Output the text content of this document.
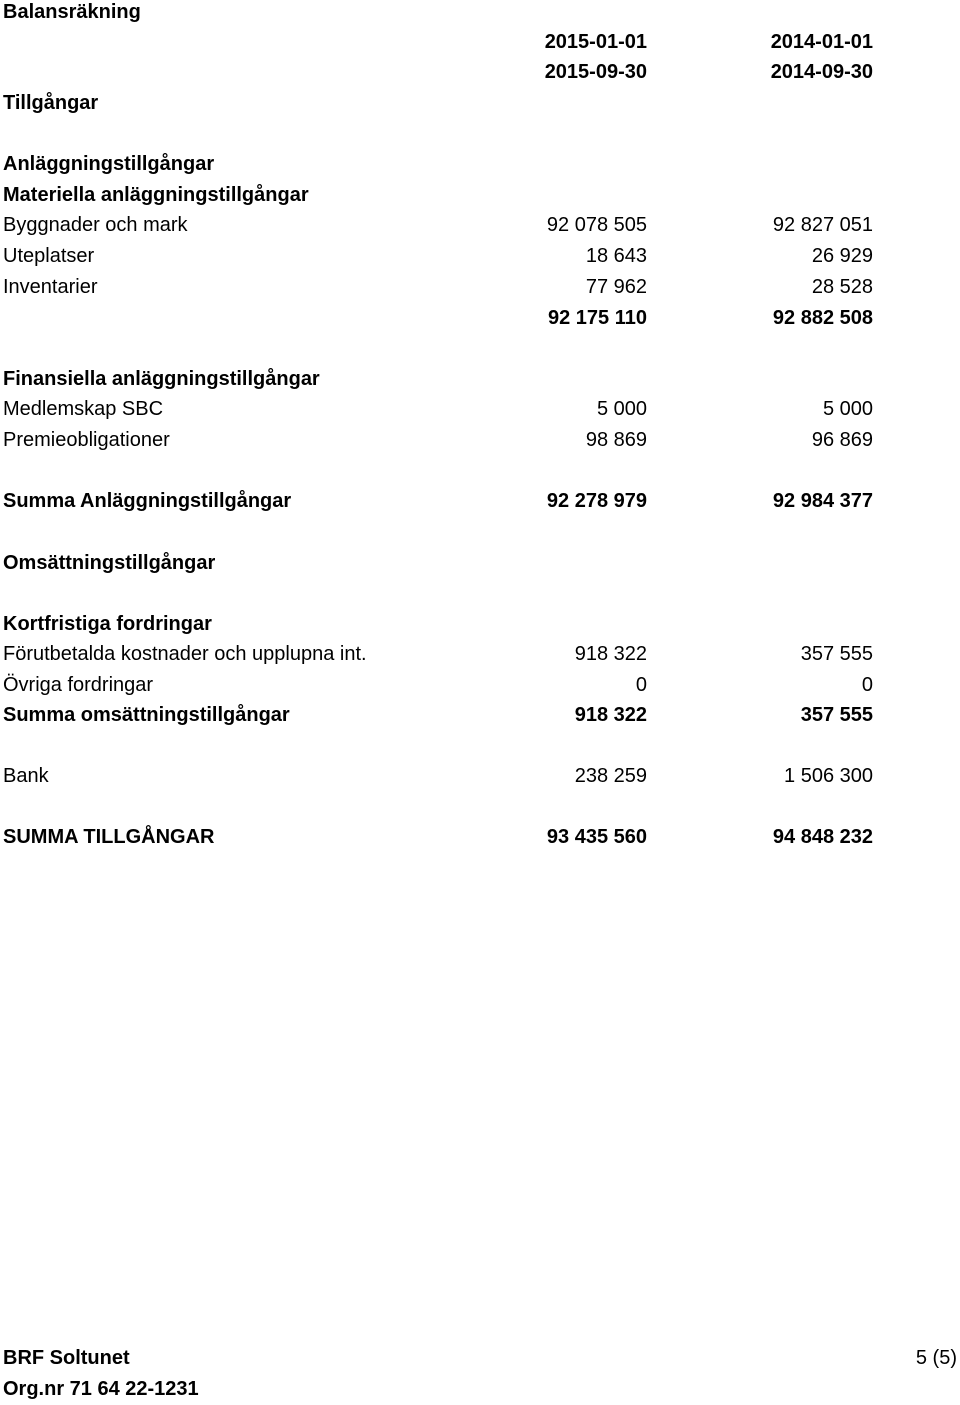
Balansräkning
2015-01-01	2014-01-01
2015-09-30	2014-09-30
Tillgångar
Anläggningstillgångar
Materiella anläggningstillgångar
Byggnader och mark	92 078 505	92 827 051
Uteplatser	18 643	26 929
Inventarier	77 962	28 528
92 175 110	92 882 508
Finansiella anläggningstillgångar
Medlemskap SBC	5 000	5 000
Premieobligationer	98 869	96 869
Summa Anläggningstillgångar	92 278 979	92 984 377
Omsättningstillgångar
Kortfristiga fordringar
Förutbetalda kostnader och upplupna int.	918 322	357 555
Övriga fordringar	0	0
Summa omsättningstillgångar	918 322	357 555
Bank	238 259	1 506 300
SUMMA TILLGÅNGAR	93 435 560	94 848 232
BRF Soltunet	5 (5)
Org.nr 71 64 22-1231
